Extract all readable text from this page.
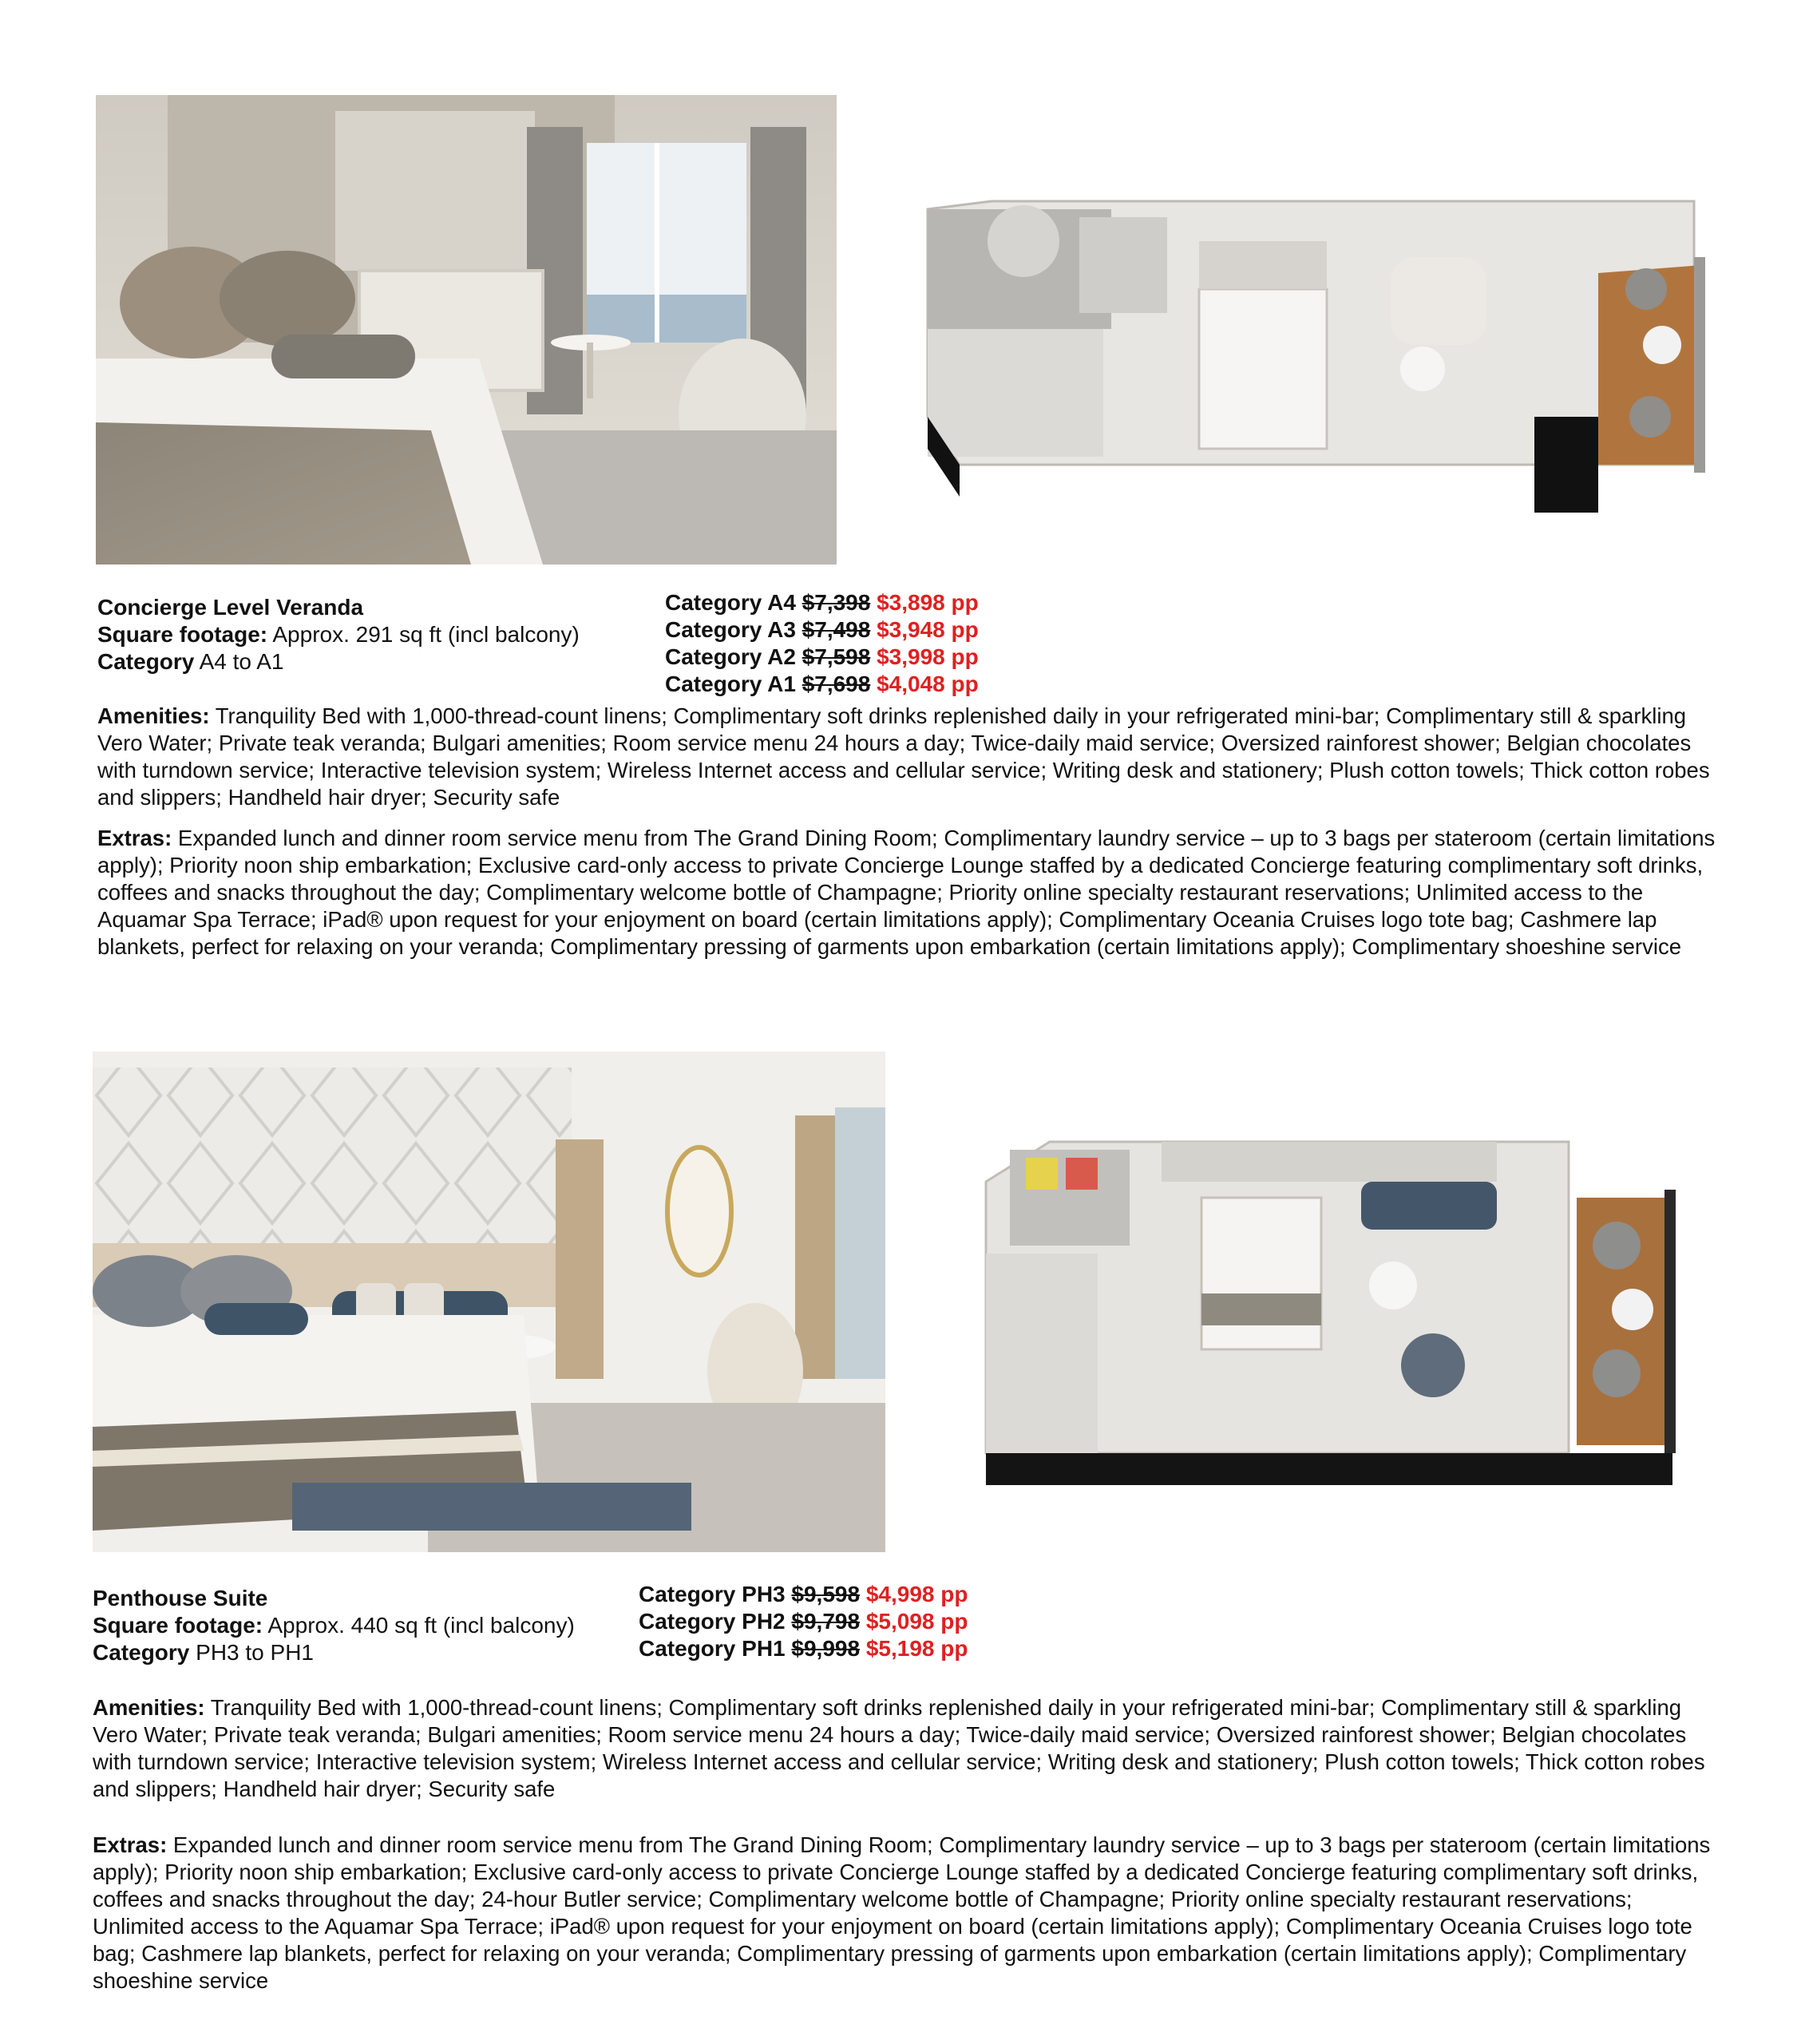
Concierge Level Veranda
Square footage: Approx. 291 sq ft (incl balcony)
Category A4 to A1
Category A4 $7,398 $3,898 pp
Category A3 $7,498 $3,948 pp
Category A2 $7,598 $3,998 pp
Category A1 $7,698 $4,048 pp
Amenities: Tranquility Bed with 1,000-thread-count linens; Complimentary soft drinks replenished daily in your refrigerated mini-bar; Complimentary still & sparkling Vero Water; Private teak veranda; Bulgari amenities; Room service menu 24 hours a day; Twice-daily maid service; Oversized rainforest shower; Belgian chocolates with turndown service; Interactive television system; Wireless Internet access and cellular service; Writing desk and stationery; Plush cotton towels; Thick cotton robes and slippers; Handheld hair dryer; Security safe
Extras: Expanded lunch and dinner room service menu from The Grand Dining Room; Complimentary laundry service – up to 3 bags per stateroom (certain limitations apply); Priority noon ship embarkation; Exclusive card-only access to private Concierge Lounge staffed by a dedicated Concierge featuring complimentary soft drinks, coffees and snacks throughout the day; Complimentary welcome bottle of Champagne; Priority online specialty restaurant reservations; Unlimited access to the Aquamar Spa Terrace; iPad® upon request for your enjoyment on board (certain limitations apply); Complimentary Oceania Cruises logo tote bag; Cashmere lap blankets, perfect for relaxing on your veranda; Complimentary pressing of garments upon embarkation (certain limitations apply); Complimentary shoeshine service
Penthouse Suite
Square footage: Approx. 440 sq ft (incl balcony)
Category PH3 to PH1
Category PH3 $9,598 $4,998 pp
Category PH2 $9,798 $5,098 pp
Category PH1 $9,998 $5,198 pp
Amenities: Tranquility Bed with 1,000-thread-count linens; Complimentary soft drinks replenished daily in your refrigerated mini-bar; Complimentary still & sparkling Vero Water; Private teak veranda; Bulgari amenities; Room service menu 24 hours a day; Twice-daily maid service; Oversized rainforest shower; Belgian chocolates with turndown service; Interactive television system; Wireless Internet access and cellular service; Writing desk and stationery; Plush cotton towels; Thick cotton robes and slippers; Handheld hair dryer; Security safe
Extras: Expanded lunch and dinner room service menu from The Grand Dining Room; Complimentary laundry service – up to 3 bags per stateroom (certain limitations apply); Priority noon ship embarkation; Exclusive card-only access to private Concierge Lounge staffed by a dedicated Concierge featuring complimentary soft drinks, coffees and snacks throughout the day; 24-hour Butler service; Complimentary welcome bottle of Champagne; Priority online specialty restaurant reservations; Unlimited access to the Aquamar Spa Terrace; iPad® upon request for your enjoyment on board (certain limitations apply); Complimentary Oceania Cruises logo tote bag; Cashmere lap blankets, perfect for relaxing on your veranda; Complimentary pressing of garments upon embarkation (certain limitations apply); Complimentary shoeshine service
